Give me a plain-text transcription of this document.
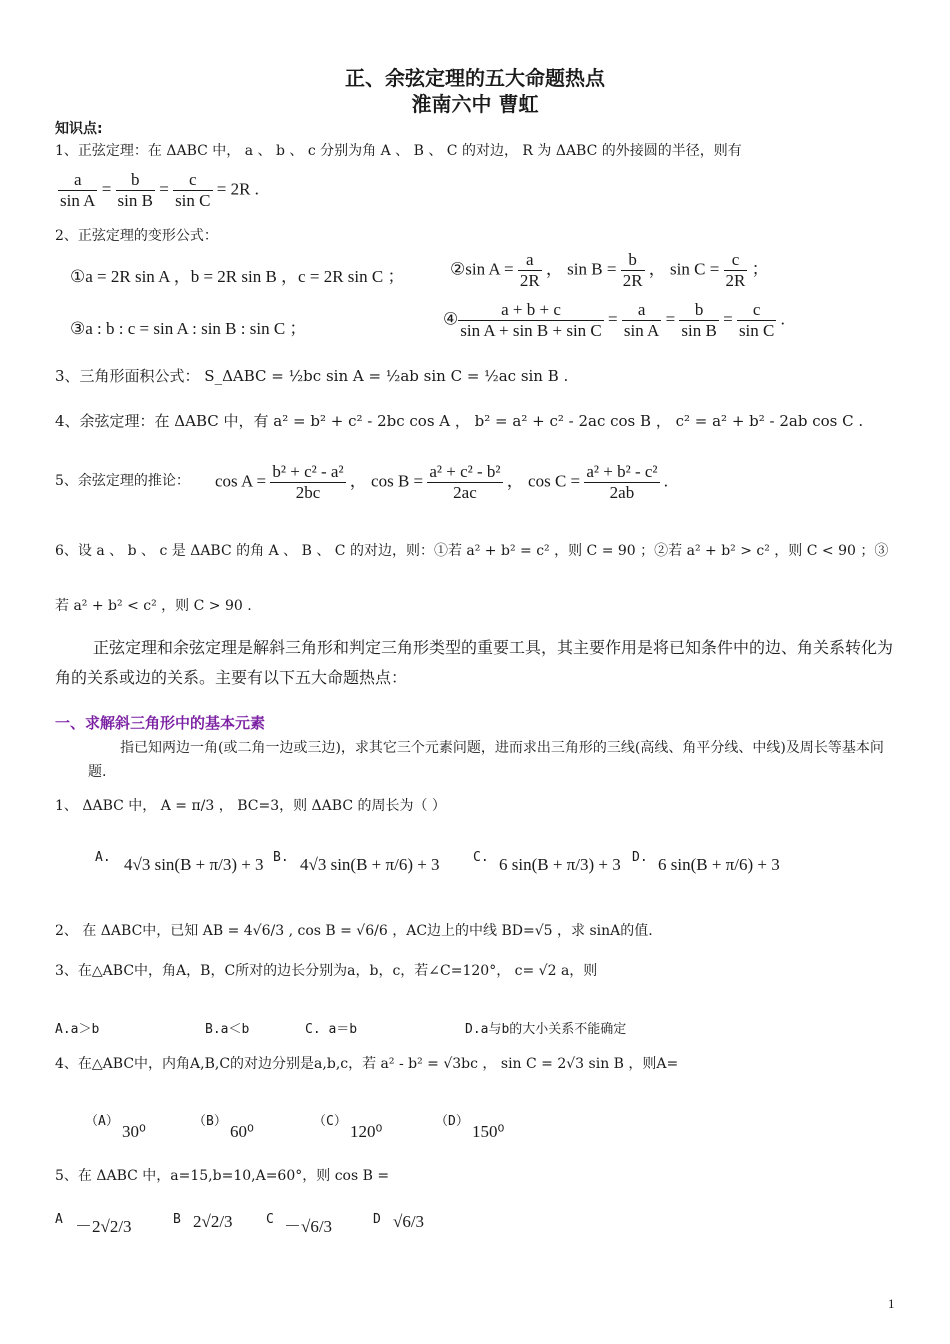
正、余弦定理的五大命题热点
淮南六中 曹虹
知识点:
1、正弦定理：在 ΔABC 中， a 、 b 、 c 分别为角 A 、 B 、 C 的对边， R 为 ΔABC 的外接圆的半径，则有
$\frac{a}{\text{sin A}} = \frac{b}{\text{sin B}} = \frac{c}{\text{sin C}} = 2R$ .
2、正弦定理的变形公式：
①a = 2R sin A ，b = 2R sin B ，c = 2R sin C ；	②sin $A = \frac{a}{2R}$ ， $\sin B = \frac{b}{2R}$ ， $\sin C = \frac{c}{2R}$ ；
③a : b : c = sin A : sin B : sin C ；
④ $\frac{a + b + c}{\text{sin A + sin B + sin C}} = \frac{a}{\text{sin A}} = \frac{b}{\text{sin B}} = \frac{c}{\text{sin C}}$ .
3、三角形面积公式： S_ΔABC = ½bc sin A = ½ab sin C = ½ac sin B .
4、余弦定理：在 ΔABC 中，有 a² = b² + c² - 2bc cos A ， b² = a² + c² - 2ac cos B ， c² = a² + b² - 2ab cos C .
5、余弦定理的推论： $\cos A = \frac{\text{b² + c² - a²}}{2bc}$ ， $\cos B = \frac{\text{a² + c² - b²}}{2ac}$ ， $\cos C = \frac{\text{a² + b² - c²}}{2ab}$ .
6、设 a 、 b 、 c 是 ΔABC 的角 A 、 B 、 C 的对边，则：①若 a² + b² = c² ，则 C = 90 ；②若 a² + b² > c² ，则 C < 90 ；③
若 a² + b² < c² ，则 C > 90 .
正弦定理和余弦定理是解斜三角形和判定三角形类型的重要工具，其主要作用是将已知条件中的边、角关系转化为角的关系或边的关系。主要有以下五大命题热点：
一、求解斜三角形中的基本元素
指已知两边一角(或二角一边或三边)，求其它三个元素问题，进而求出三角形的三线(高线、角平分线、中线)及周长等基本问题.
1、 ΔABC 中， A = π/3 ， BC=3，则 ΔABC 的周长为（ ）
A. 4√3 sin(B + π/3) + 3 B. 4√3 sin(B + π/6) + 3	C. 6 sin(B + π/3) + 3 D. 6 sin(B + π/6) + 3
2、 在 ΔABC中，已知 AB = 4√6/3 , cos B = √6/6 ，AC边上的中线 BD=√5 ，求 sinA的值.
3、在△ABC中，角A，B，C所对的边长分别为a，b，c，若∠C=120°， c= √2 a，则
A.a＞b	B.a＜b	C. a＝b	D.a与b的大小关系不能确定
4、在△ABC中，内角A,B,C的对边分别是a,b,c，若 a² - b² = √3bc ， sin C = 2√3 sin B ，则A=
（A）
30⁰
（B）
60⁰
（C）
120⁰
（D）
150⁰
5、在 ΔABC 中，a=15,b=10,A=60°，则 cos B =
A －2√2/3	B 2√2/3	C －√6/3	D √6/3
1
